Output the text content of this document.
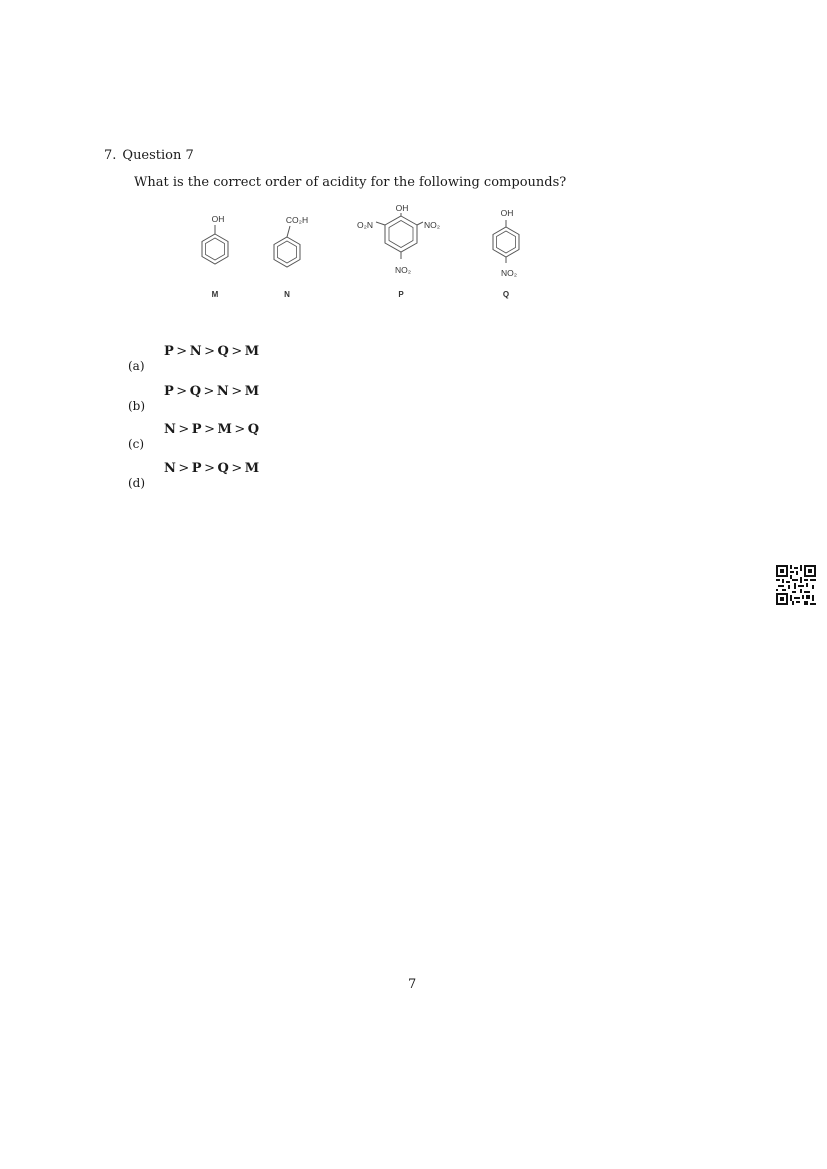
7. Question 7
What is the correct order of acidity for the following compounds?
OH
M
CO₂H
N
OH
O₂N	NO₂
NO₂
P
OH
NO₂
Q
(a)
P > N > Q > M
(b)
P > Q > N > M
(c)
N > P > M > Q
(d)
N > P > Q > M
7
